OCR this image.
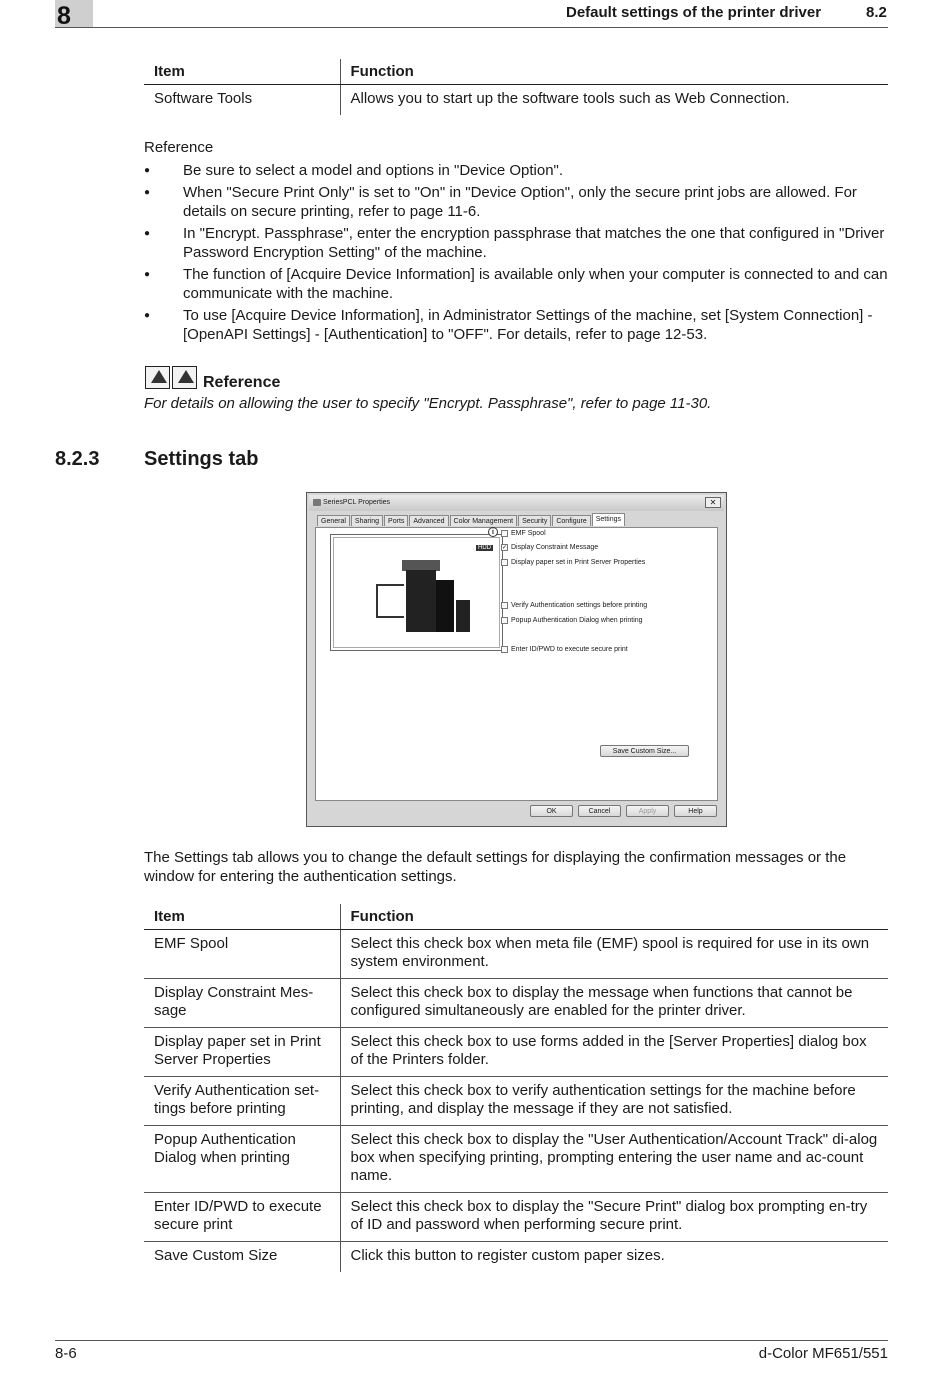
8	Default settings of the printer driver	8.2
Item	Function
Software Tools	Allows you to start up the software tools such as Web Connection.
Reference
● Be sure to select a model and options in "Device Option".
● When "Secure Print Only" is set to "On" in "Device Option", only the secure print jobs are allowed. For details on secure printing, refer to page 11-6.
● In "Encrypt. Passphrase", enter the encryption passphrase that matches the one that configured in "Driver Password Encryption Setting" of the machine.
● The function of [Acquire Device Information] is available only when your computer is connected to and can communicate with the machine.
● To use [Acquire Device Information], in Administrator Settings of the machine, set [System Connection] - [OpenAPI Settings] - [Authentication] to "OFF". For details, refer to page 12-53.
Reference
For details on allowing the user to specify "Encrypt. Passphrase", refer to page 11-30.
8.2.3 Settings tab
SeriesPCL Properties	✕
General	Sharing	Ports	Advanced	Color Management	Security	Configure	Settings
HDD
i	EMF Spool
✓ Display Constraint Message
Display paper set in Print Server Properties
Verify Authentication settings before printing
Popup Authentication Dialog when printing
Enter ID/PWD to execute secure print
Save Custom Size...
OK	Cancel	Apply	Help
The Settings tab allows you to change the default settings for displaying the confirmation messages or the window for entering the authentication settings.
Item	Function
EMF Spool	Select this check box when meta file (EMF) spool is required for use in its own system environment.
Display Constraint Mes-sage	Select this check box to display the message when functions that cannot be configured simultaneously are enabled for the printer driver.
Display paper set in Print Server Properties	Select this check box to use forms added in the [Server Properties] dialog box of the Printers folder.
Verify Authentication set-tings before printing	Select this check box to verify authentication settings for the machine before printing, and display the message if they are not satisfied.
Popup Authentication Dialog when printing	Select this check box to display the "User Authentication/Account Track" di-alog box when specifying printing, prompting entering the user name and ac-count name.
Enter ID/PWD to execute secure print	Select this check box to display the "Secure Print" dialog box prompting en-try of ID and password when performing secure print.
Save Custom Size	Click this button to register custom paper sizes.
8-6	d-Color MF651/551
